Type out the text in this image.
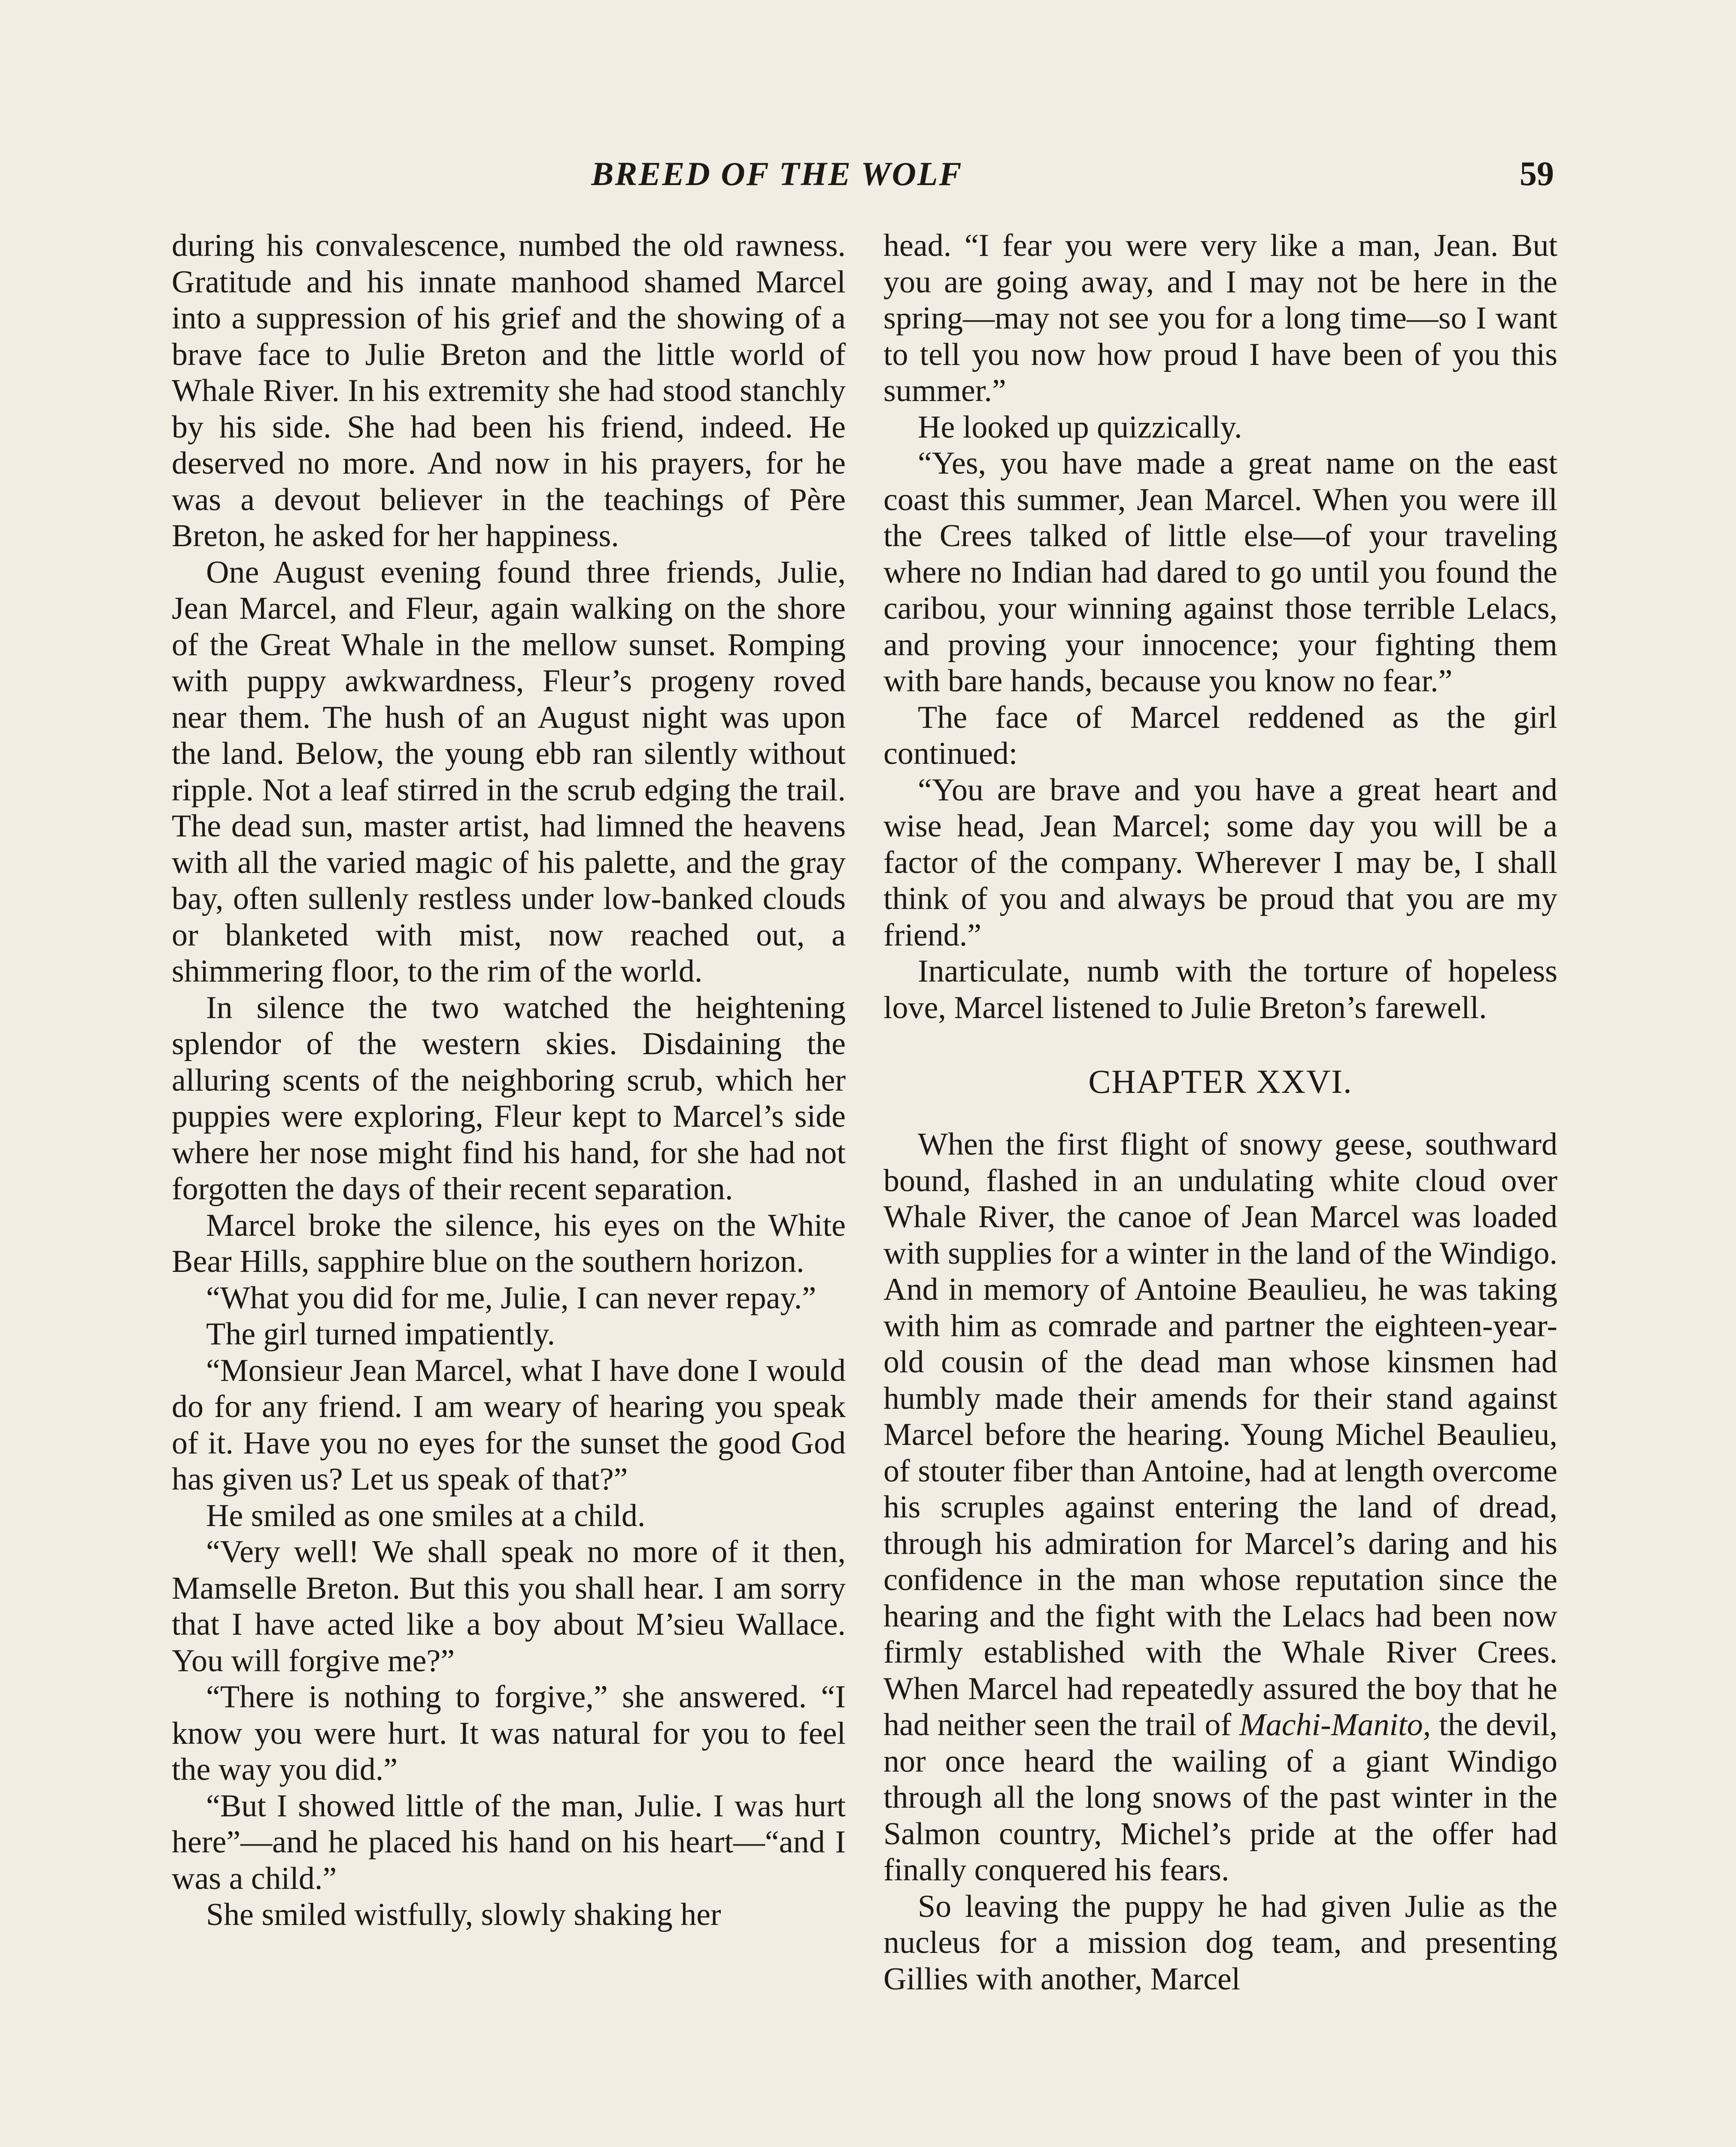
BREED OF THE WOLF	59

during his convalescence, numbed the old rawness. Gratitude and his innate manhood shamed Marcel into a suppression of his grief and the showing of a brave face to Julie Breton and the little world of Whale River. In his extremity she had stood stanchly by his side. She had been his friend, indeed. He deserved no more. And now in his prayers, for he was a devout believer in the teachings of Père Breton, he asked for her happiness.

One August evening found three friends, Julie, Jean Marcel, and Fleur, again walking on the shore of the Great Whale in the mellow sunset. Romping with puppy awkwardness, Fleur’s progeny roved near them. The hush of an August night was upon the land. Below, the young ebb ran silently without ripple. Not a leaf stirred in the scrub edging the trail. The dead sun, master artist, had limned the heavens with all the varied magic of his palette, and the gray bay, often sullenly restless under low-banked clouds or blanketed with mist, now reached out, a shimmering floor, to the rim of the world.

In silence the two watched the heightening splendor of the western skies. Disdaining the alluring scents of the neighboring scrub, which her puppies were exploring, Fleur kept to Marcel’s side where her nose might find his hand, for she had not forgotten the days of their recent separation.

Marcel broke the silence, his eyes on the White Bear Hills, sapphire blue on the southern horizon.

“What you did for me, Julie, I can never repay.”

The girl turned impatiently.

“Monsieur Jean Marcel, what I have done I would do for any friend. I am weary of hearing you speak of it. Have you no eyes for the sunset the good God has given us? Let us speak of that?”

He smiled as one smiles at a child.

“Very well! We shall speak no more of it then, Mamselle Breton. But this you shall hear. I am sorry that I have acted like a boy about M’sieu Wallace. You will forgive me?”

“There is nothing to forgive,” she answered. “I know you were hurt. It was natural for you to feel the way you did.”

“But I showed little of the man, Julie. I was hurt here”—and he placed his hand on his heart—“and I was a child.”

She smiled wistfully, slowly shaking her

head. “I fear you were very like a man, Jean. But you are going away, and I may not be here in the spring—may not see you for a long time—so I want to tell you now how proud I have been of you this summer.”

He looked up quizzically.

“Yes, you have made a great name on the east coast this summer, Jean Marcel. When you were ill the Crees talked of little else—of your traveling where no Indian had dared to go until you found the caribou, your winning against those terrible Lelacs, and proving your innocence; your fighting them with bare hands, because you know no fear.”

The face of Marcel reddened as the girl continued:

“You are brave and you have a great heart and wise head, Jean Marcel; some day you will be a factor of the company. Wherever I may be, I shall think of you and always be proud that you are my friend.”

Inarticulate, numb with the torture of hopeless love, Marcel listened to Julie Breton’s farewell.

CHAPTER XXVI.

When the first flight of snowy geese, southward bound, flashed in an undulating white cloud over Whale River, the canoe of Jean Marcel was loaded with supplies for a winter in the land of the Windigo. And in memory of Antoine Beaulieu, he was taking with him as comrade and partner the eighteen-year-old cousin of the dead man whose kinsmen had humbly made their amends for their stand against Marcel before the hearing. Young Michel Beaulieu, of stouter fiber than Antoine, had at length overcome his scruples against entering the land of dread, through his admiration for Marcel’s daring and his confidence in the man whose reputation since the hearing and the fight with the Lelacs had been now firmly established with the Whale River Crees. When Marcel had repeatedly assured the boy that he had neither seen the trail of Machi-Manito, the devil, nor once heard the wailing of a giant Windigo through all the long snows of the past winter in the Salmon country, Michel’s pride at the offer had finally conquered his fears.

So leaving the puppy he had given Julie as the nucleus for a mission dog team, and presenting Gillies with another, Marcel
